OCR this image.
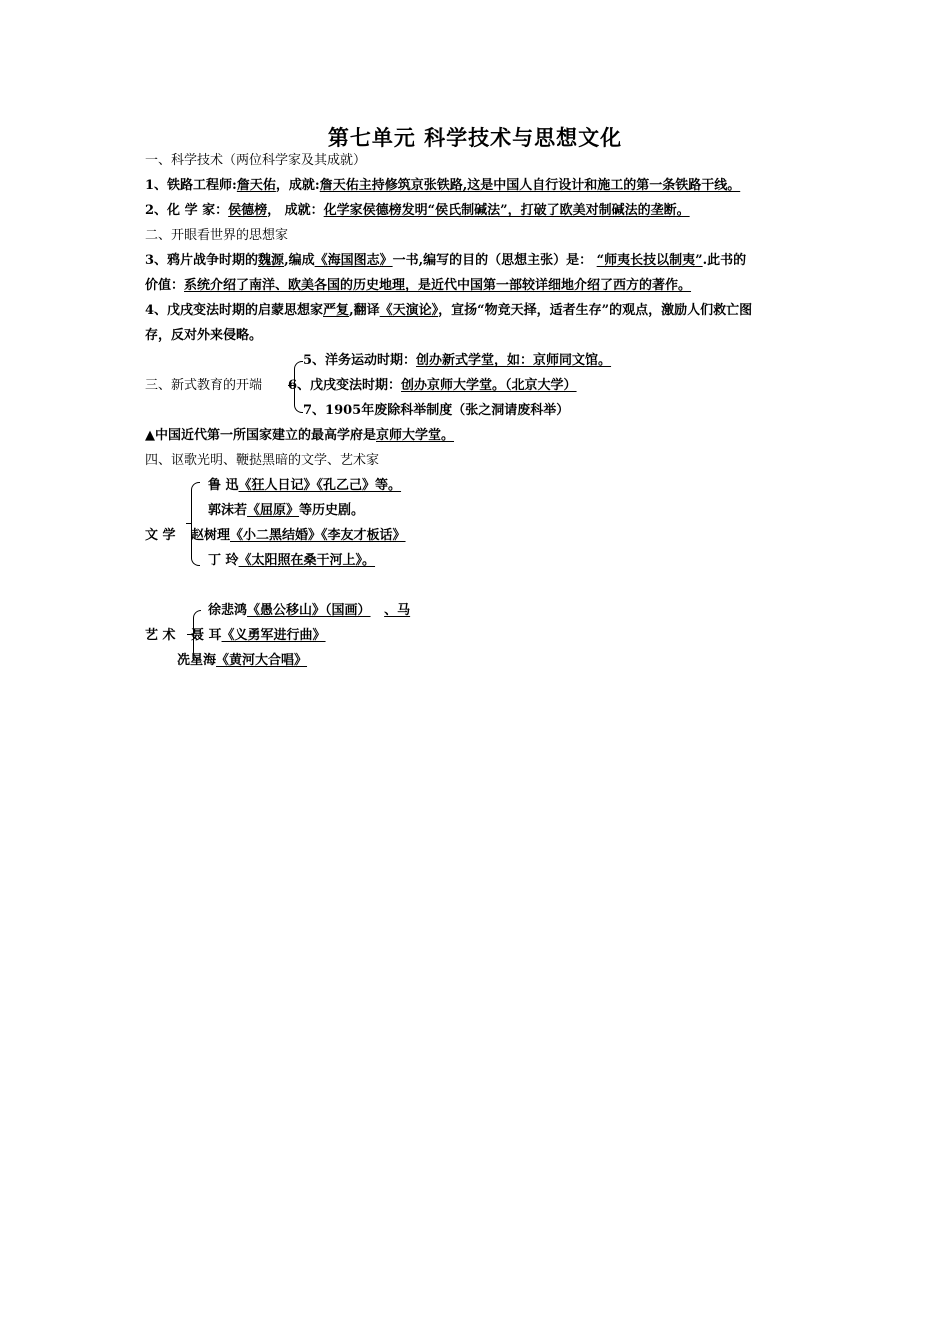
第七单元 科学技术与思想文化
一、科学技术（两位科学家及其成就）
1、铁路工程师:詹天佑，成就:詹天佑主持修筑京张铁路,这是中国人自行设计和施工的第一条铁路干线。
2、化 学 家：侯德榜， 成就：化学家侯德榜发明“侯氏制碱法”，打破了欧美对制碱法的垄断。
二、开眼看世界的思想家
3、鸦片战争时期的魏源,编成《海国图志》一书,编写的目的（思想主张）是： “师夷长技以制夷”.此书的
价值：系统介绍了南洋、欧美各国的历史地理，是近代中国第一部较详细地介绍了西方的著作。
4、戊戌变法时期的启蒙思想家严复,翻译《天演论》，宣扬“物竞天择，适者生存”的观点，激励人们救亡图
存，反对外来侵略。
5、洋务运动时期：创办新式学堂，如：京师同文馆。
三、新式教育的开端 6、戊戌变法时期：创办京师大学堂。（北京大学）
7、1905年废除科举制度（张之洞请废科举）
▲中国近代第一所国家建立的最高学府是京师大学堂。
四、讴歌光明、鞭挞黑暗的文学、艺术家
文 学
鲁 迅《狂人日记》《孔乙己》等。
郭沫若《屈原》等历史剧。
赵树理《小二黑结婚》《李友才板话》
丁 玲《太阳照在桑干河上》。
艺 术
徐悲鸿《愚公移山》（国画） 、马
聂 耳《义勇军进行曲》
冼星海《黄河大合唱》
